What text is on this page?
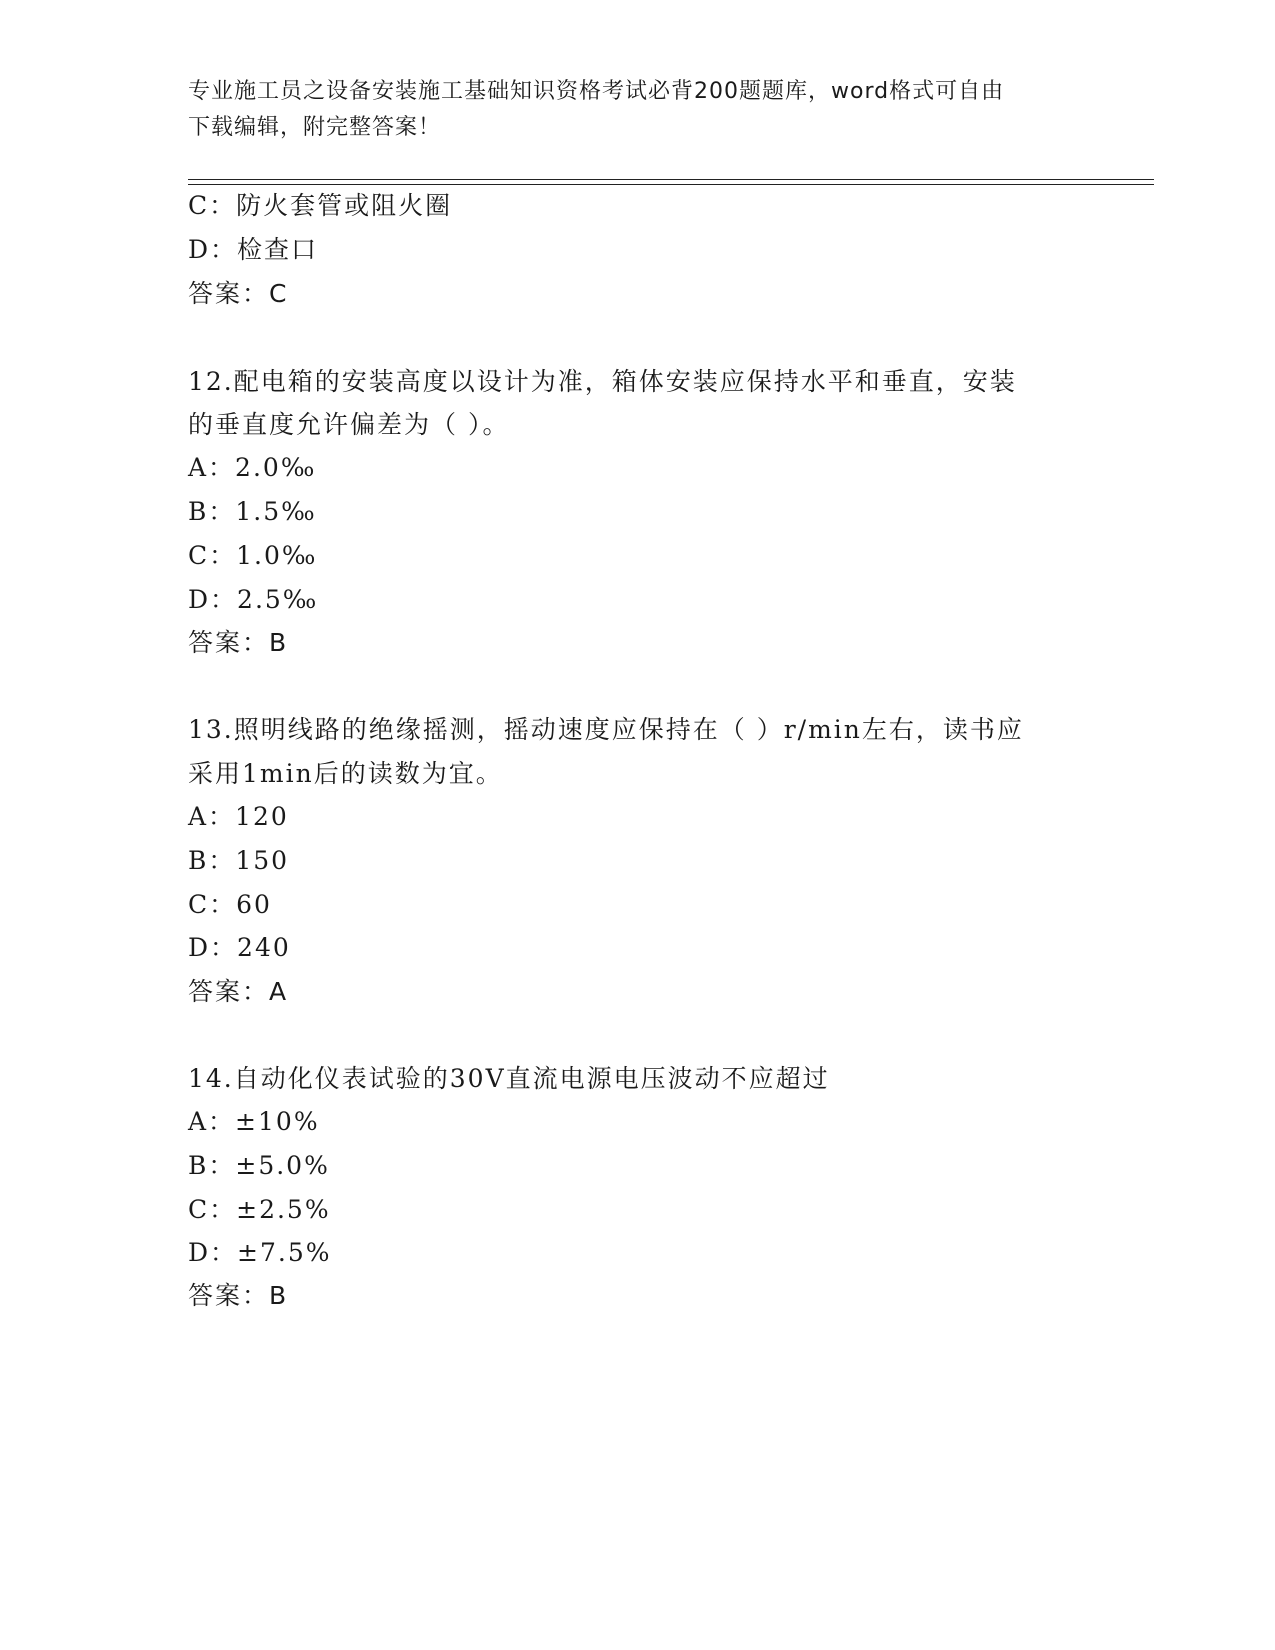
专业施工员之设备安装施工基础知识资格考试必背200题题库，word格式可自由
下载编辑，附完整答案！
C：防火套管或阻火圈
D：检查口
答案：C
12.配电箱的安装高度以设计为准，箱体安装应保持水平和垂直，安装
的垂直度允许偏差为（ ）。
A：2.0‰
B：1.5‰
C：1.0‰
D：2.5‰
答案：B
13.照明线路的绝缘摇测，摇动速度应保持在（ ）r/min左右，读书应
采用1min后的读数为宜。
A：120
B：150
C：60
D：240
答案：A
14.自动化仪表试验的30V直流电源电压波动不应超过
A：±10%
B：±5.0%
C：±2.5%
D：±7.5%
答案：B
